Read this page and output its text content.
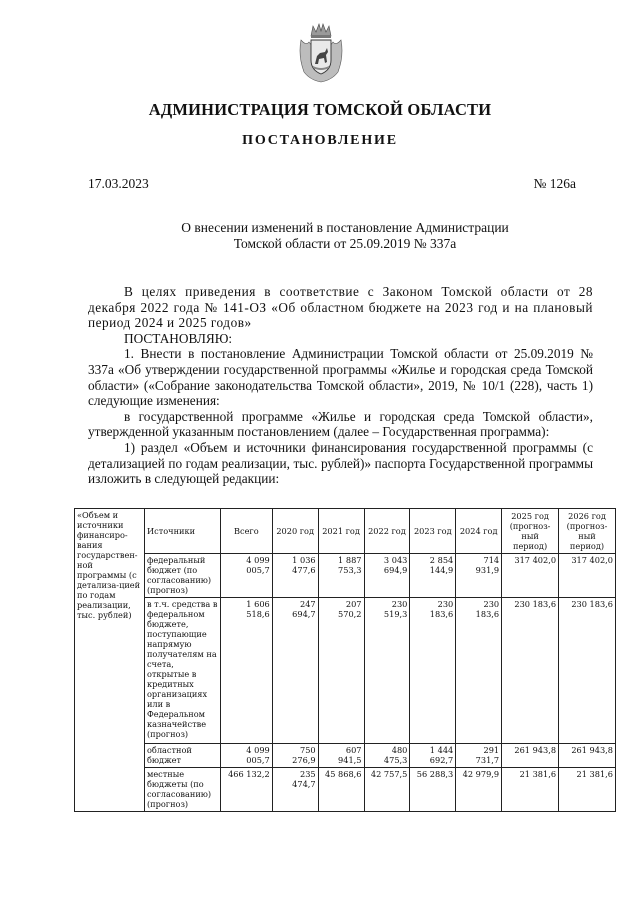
АДМИНИСТРАЦИЯ ТОМСКОЙ ОБЛАСТИ
ПОСТАНОВЛЕНИЕ
17.03.2023	№ 126а
О внесении изменений в постановление Администрации
Томской области от 25.09.2019 № 337а

В целях приведения в соответствие с Законом Томской области от 28 декабря 2022 года № 141-ОЗ «Об областном бюджете на 2023 год и на плановый период 2024 и 2025 годов»

ПОСТАНОВЛЯЮ:

1. Внести в постановление Администрации Томской области от 25.09.2019 № 337а «Об утверждении государственной программы «Жилье и городская среда Томской области» («Собрание законодательства Томской области», 2019, № 10/1 (228), часть 1) следующие изменения:

в государственной программе «Жилье и городская среда Томской области», утвержденной указанным постановлением (далее – Государственная программа):

1) раздел «Объем и источники финансирования государственной программы (с детализацией по годам реализации, тыс. рублей)» паспорта Государственной программы изложить в следующей редакции:

«Объем и источники финансиро-вания государствен-ной программы (с детализа-цией по годам реализации, тыс. рублей)	Источники	Всего	2020 год	2021 год	2022 год	2023 год	2024 год	2025 год (прогноз-ный период)	2026 год (прогноз-ный период)
	федеральный бюджет (по согласованию) (прогноз)	4 099 005,7	1 036 477,6	1 887 753,3	3 043 694,9	2 854 144,9	714 931,9	317 402,0	317 402,0
	в т.ч. средства в федеральном бюджете, поступающие напрямую получателям на счета, открытые в кредитных организациях или в Федеральном казначействе (прогноз)	1 606 518,6	247 694,7	207 570,2	230 519,3	230 183,6	230 183,6	230 183,6	230 183,6
	областной бюджет	4 099 005,7	750 276,9	607 941,5	480 475,3	1 444 692,7	291 731,7	261 943,8	261 943,8
	местные бюджеты (по согласованию) (прогноз)	466 132,2	235 474,7	45 868,6	42 757,5	56 288,3	42 979,9	21 381,6	21 381,6
